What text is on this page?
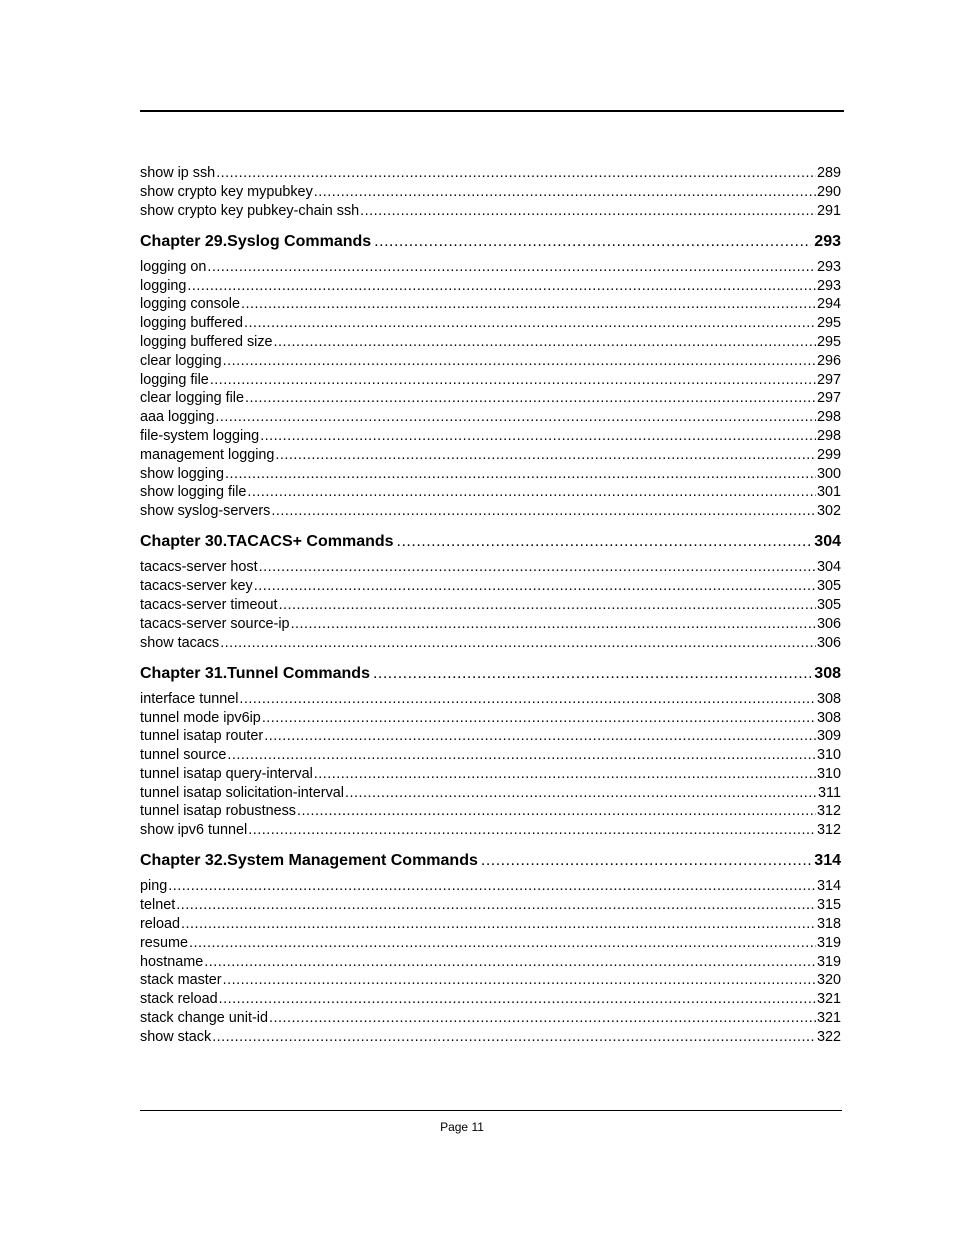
show ip ssh .....	289
show crypto key mypubkey .....	290
show crypto key pubkey-chain ssh .....	291
Chapter 29.Syslog Commands .....	293
logging on .....	293
logging .....	293
logging console .....	294
logging buffered .....	295
logging buffered size .....	295
clear logging .....	296
logging file .....	297
clear logging file .....	297
aaa logging .....	298
file-system logging .....	298
management logging .....	299
show logging .....	300
show logging file .....	301
show syslog-servers .....	302
Chapter 30.TACACS+ Commands .....	304
tacacs-server host .....	304
tacacs-server key .....	305
tacacs-server timeout .....	305
tacacs-server source-ip .....	306
show tacacs .....	306
Chapter 31.Tunnel Commands .....	308
interface tunnel .....	308
tunnel mode ipv6ip .....	308
tunnel isatap router .....	309
tunnel source .....	310
tunnel isatap query-interval .....	310
tunnel isatap solicitation-interval .....	311
tunnel isatap robustness .....	312
show ipv6 tunnel .....	312
Chapter 32.System Management Commands .....	314
ping .....	314
telnet .....	315
reload .....	318
resume .....	319
hostname .....	319
stack master .....	320
stack reload .....	321
stack change unit-id .....	321
show stack .....	322
Page 11
